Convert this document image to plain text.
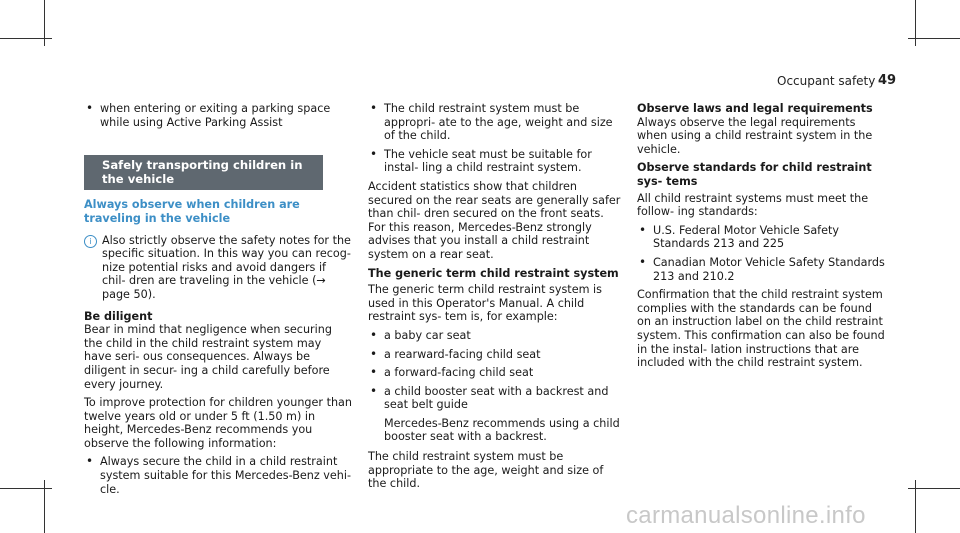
Occupant safety 49
• when entering or exiting a parking space while using Active Parking Assist
Safely transporting children in the vehicle
Always observe when children are traveling in the vehicle
i Also strictly observe the safety notes for the specific situation. In this way you can recog- nize potential risks and avoid dangers if chil- dren are traveling in the vehicle (→ page 50).
Be diligent

Bear in mind that negligence when securing the child in the child restraint system may have seri- ous consequences. Always be diligent in secur- ing a child carefully before every journey.

To improve protection for children younger than twelve years old or under 5 ft (1.50 m) in height, Mercedes-Benz recommends you observe the following information:

• Always secure the child in a child restraint system suitable for this Mercedes-Benz vehi- cle.
• The child restraint system must be appropri- ate to the age, weight and size of the child.
• The vehicle seat must be suitable for instal- ling a child restraint system.

Accident statistics show that children secured on the rear seats are generally safer than chil- dren secured on the front seats. For this reason, Mercedes-Benz strongly advises that you install a child restraint system on a rear seat.

The generic term child restraint system

The generic term child restraint system is used in this Operator's Manual. A child restraint sys- tem is, for example:

• a baby car seat
• a rearward-facing child seat
• a forward-facing child seat
• a child booster seat with a backrest and seat belt guide
Mercedes-Benz recommends using a child booster seat with a backrest.

The child restraint system must be appropriate to the age, weight and size of the child.

Observe laws and legal requirements

Always observe the legal requirements when using a child restraint system in the vehicle.

Observe standards for child restraint sys- tems

All child restraint systems must meet the follow- ing standards:

• U.S. Federal Motor Vehicle Safety Standards 213 and 225
• Canadian Motor Vehicle Safety Standards 213 and 210.2

Confirmation that the child restraint system complies with the standards can be found on an instruction label on the child restraint system. This confirmation can also be found in the instal- lation instructions that are included with the child restraint system.

carmanualsonline.info
